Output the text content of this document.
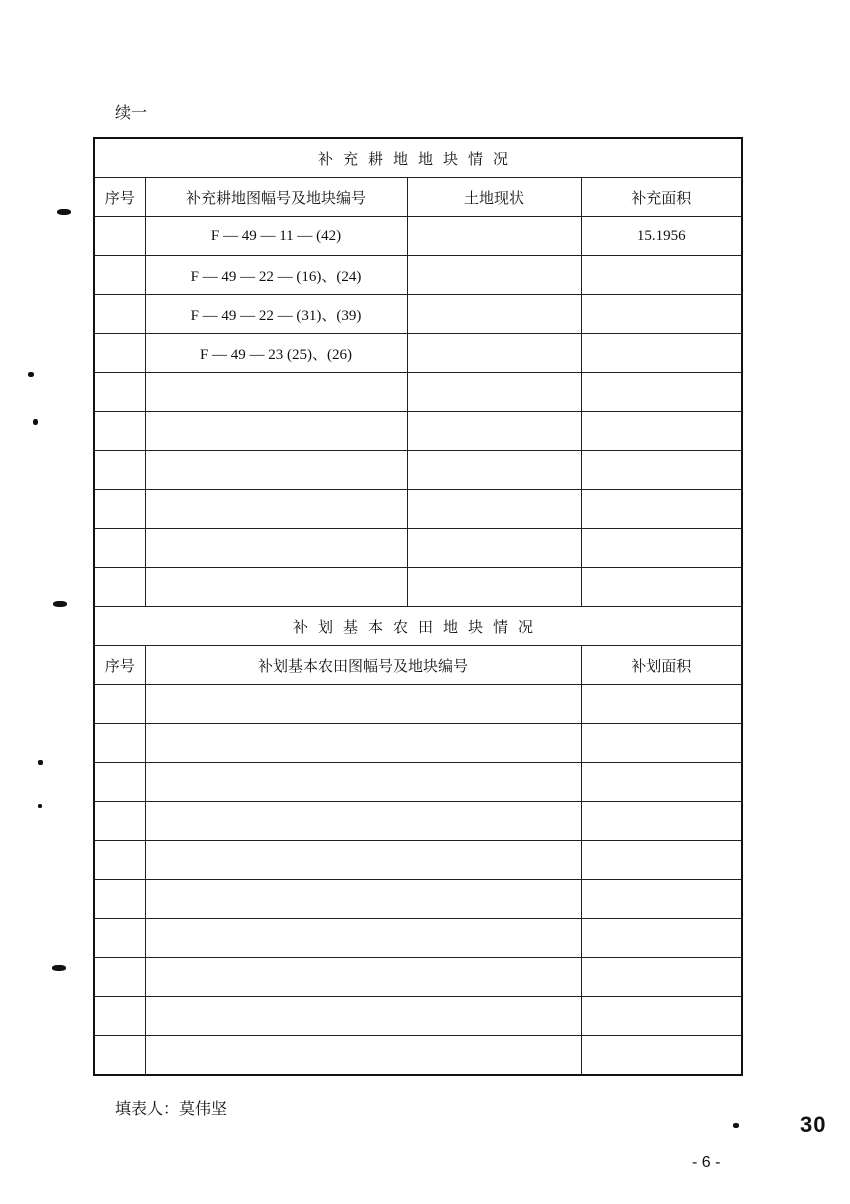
续一
补充耕地地块情况			
序号	补充耕地图幅号及地块编号	土地现状	补充面积
	F — 49 — 11 — (42)		15.1956
	F — 49 — 22 — (16)、(24)		
	F — 49 — 22 — (31)、(39)		
	F — 49 — 23 (25)、(26)		

补划基本农田地块情况			
序号	补划基本农田图幅号及地块编号		补划面积

填表人：莫伟坚
- 6 -
30
